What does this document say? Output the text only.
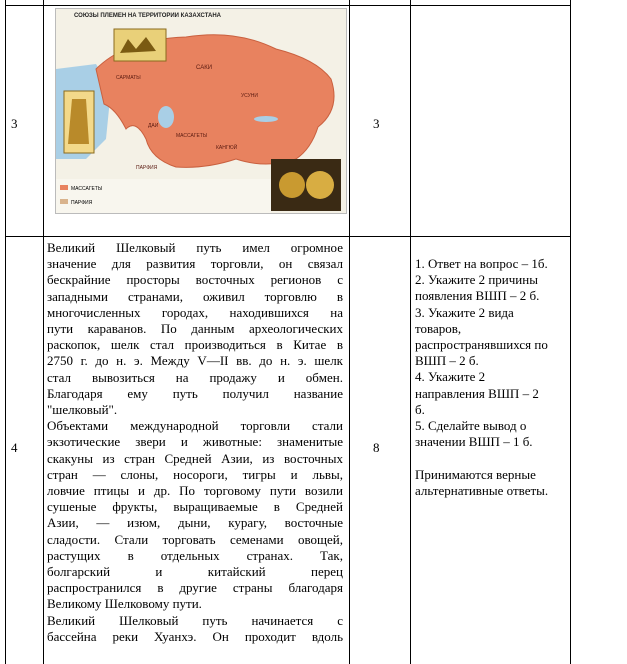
3	3
СОЮЗЫ ПЛЕМЕН НА ТЕРРИТОРИИ КАЗАХСТАНА
МАССАГЕТЫ
ПАРФИЯ
САРМАТЫ
САКИ
ДАИ
МАССАГЕТЫ
УСУНИ
КАНГЮЙ
ПАРФИЯ
4	8
Великий Шелковый путь имел огромное
значение для развития торговли, он связал
бескрайние просторы восточных регионов с
западными странами, оживил торговлю в
многочисленных городах, находившихся на
пути караванов. По данным археологических
раскопок, шелк стал производиться в Китае в
2750 г. до н. э. Между V—II вв. до н. э. шелк
стал вывозиться на продажу и обмен.
Благодаря ему путь получил название
"шелковый".
Объектами международной торговли стали
экзотические звери и животные: знаменитые
скакуны из стран Средней Азии, из восточных
стран — слоны, носороги, тигры и львы,
ловчие птицы и др. По торговому пути возили
сушеные фрукты, выращиваемые в Средней
Азии, — изюм, дыни, курагу, восточные
сладости. Стали торговать семенами овощей,
растущих в отдельных странах. Так,
болгарский и китайский перец
распространился в другие страны благодаря
Великому Шелковому пути.
Великий Шелковый путь начинается с
бассейна реки Хуанхэ. Он проходит вдоль
1. Ответ на вопрос – 1б.
2. Укажите 2 причины
появления ВШП – 2 б.
3. Укажите 2 вида
товаров,
распространявшихся по
ВШП – 2 б.
4. Укажите 2
направления ВШП – 2
б.
5. Сделайте вывод о
значении ВШП – 1 б.
Принимаются верные
альтернативные ответы.
